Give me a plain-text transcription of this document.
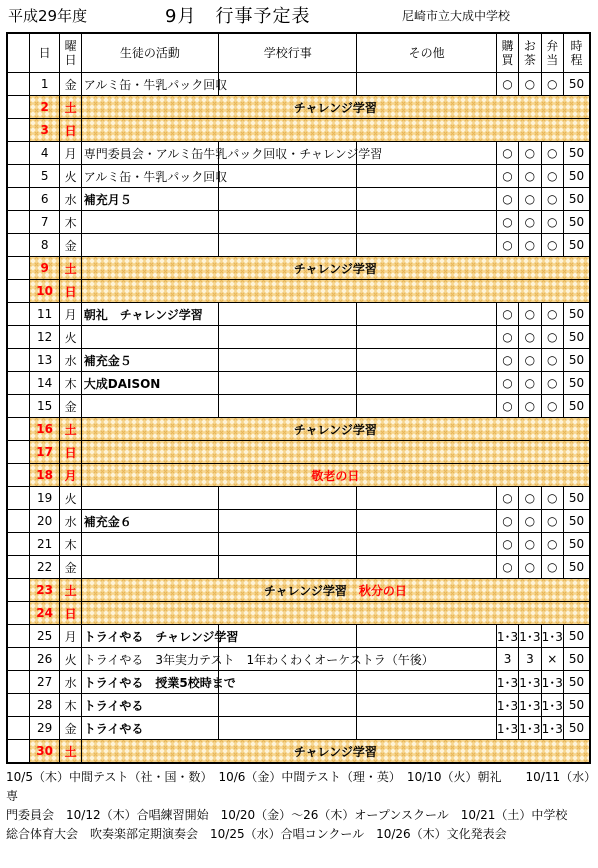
平成29年度	9月　行事予定表	尼崎市立大成中学校
	日	曜日	生徒の活動	学校行事	その他	購買	お茶	弁当	時程
	1	金	アルミ缶・牛乳パック回収			○	○	○	50
	2	土	チャレンジ学習						
	3	日							
	4	月	専門委員会・アルミ缶牛乳パック回収・チャレンジ学習			○	○	○	50
	5	火	アルミ缶・牛乳パック回収			○	○	○	50
	6	水	補充月５			○	○	○	50
	7	木				○	○	○	50
	8	金				○	○	○	50
	9	土	チャレンジ学習						
	10	日							
	11	月	朝礼　チャレンジ学習			○	○	○	50
	12	火				○	○	○	50
	13	水	補充金５			○	○	○	50
	14	木	大成DAISON			○	○	○	50
	15	金				○	○	○	50
	16	土	チャレンジ学習						
	17	日							
	18	月	敬老の日						
	19	火				○	○	○	50
	20	水	補充金６			○	○	○	50
	21	木				○	○	○	50
	22	金				○	○	○	50
	23	土	チャレンジ学習　 秋分の日						
	24	日							
	25	月	トライやる　チャレンジ学習			1･3	1･3	1･3	50
	26	火	トライやる　3年実力テスト　1年わくわくオーケストラ（午後）			3	3	×	50
	27	水	トライやる　授業5校時まで			1･3	1･3	1･3	50
	28	木	トライやる			1･3	1･3	1･3	50
	29	金	トライやる			1･3	1･3	1･3	50
	30	土	チャレンジ学習						
10/5（木）中間テスト（社・国・数）　10/6（金）中間テスト（理・英）　10/10（火）朝礼　　10/11（水）専
門委員会　10/12（木）合唱練習開始　10/20（金）～26（木）オープンスクール　10/21（土）中学校
総合体育大会　吹奏楽部定期演奏会　10/25（水）合唱コンクール　10/26（木）文化発表会
